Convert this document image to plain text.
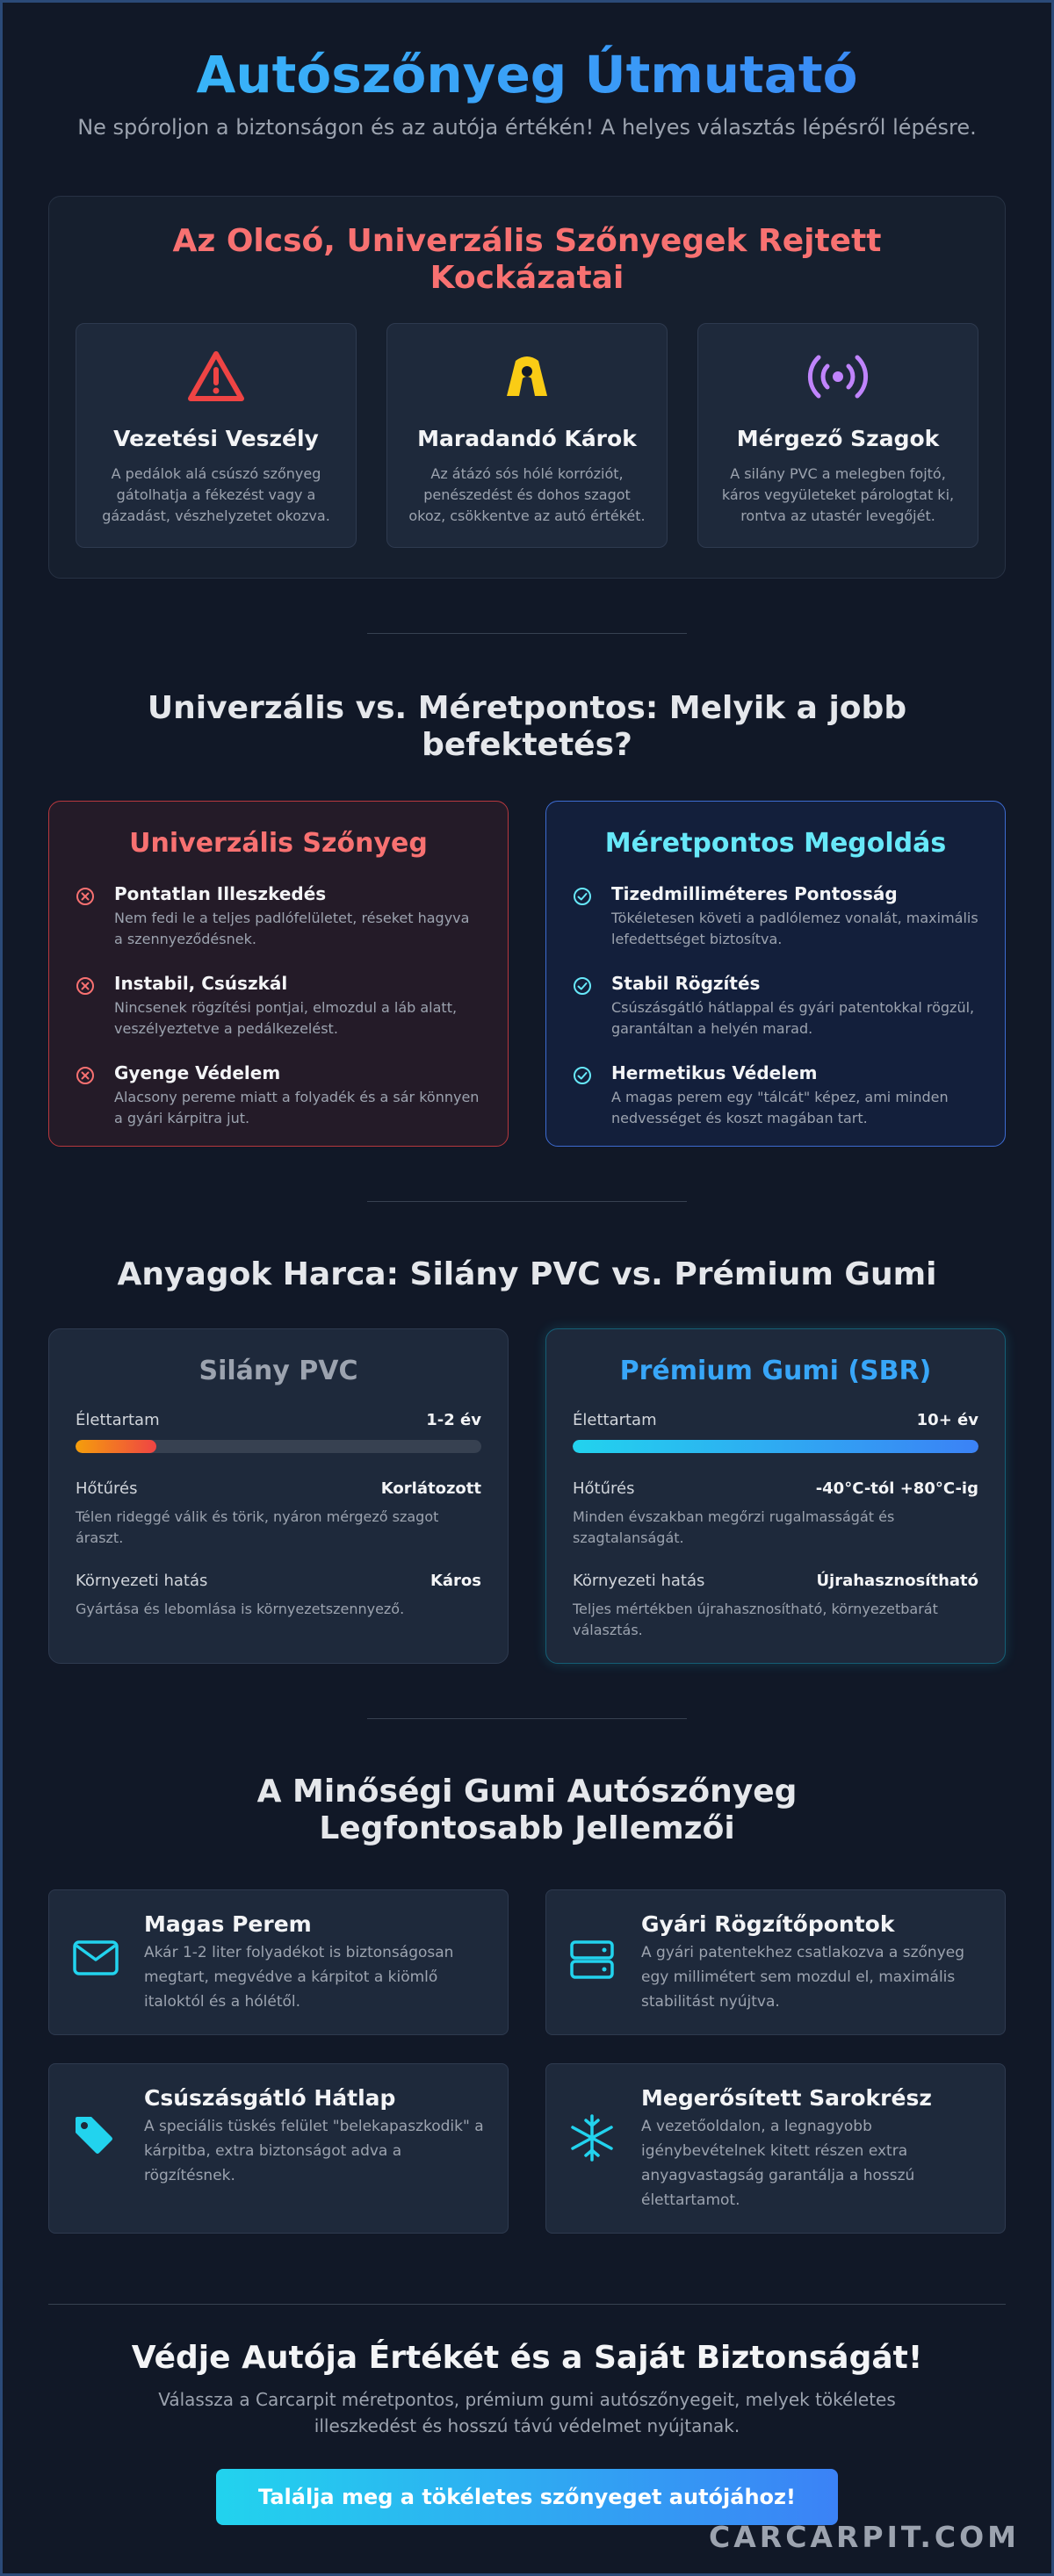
Autószőnyeg Útmutató

Ne spóroljon a biztonságon és az autója értékén! A helyes választás lépésről lépésre.

Az Olcsó, Univerzális Szőnyegek Rejtett Kockázatai
Vezetési Veszély

A pedálok alá csúszó szőnyeg gátolhatja a fékezést vagy a gázadást, vészhelyzetet okozva.

Maradandó Károk

Az átázó sós hólé korróziót, penészedést és dohos szagot okoz, csökkentve az autó értékét.

Mérgező Szagok

A silány PVC a melegben fojtó, káros vegyületeket párologtat ki, rontva az utastér levegőjét.

Univerzális vs. Méretpontos: Melyik a jobb befektetés?
Univerzális Szőnyeg
Pontatlan Illeszkedés

Nem fedi le a teljes padlófelületet, réseket hagyva a szennyeződésnek.

Instabil, Csúszkál

Nincsenek rögzítési pontjai, elmozdul a láb alatt, veszélyeztetve a pedálkezelést.

Gyenge Védelem

Alacsony pereme miatt a folyadék és a sár könnyen a gyári kárpitra jut.

Méretpontos Megoldás
Tizedmilliméteres Pontosság

Tökéletesen követi a padlólemez vonalát, maximális lefedettséget biztosítva.

Stabil Rögzítés

Csúszásgátló hátlappal és gyári patentokkal rögzül, garantáltan a helyén marad.

Hermetikus Védelem

A magas perem egy "tálcát" képez, ami minden nedvességet és koszt magában tart.

Anyagok Harca: Silány PVC vs. Prémium Gumi
Silány PVC
Élettartam	1-2 év
Hőtűrés	Korlátozott

Télen rideggé válik és törik, nyáron mérgező szagot áraszt.

Környezeti hatás	Káros

Gyártása és lebomlása is környezetszennyező.

Prémium Gumi (SBR)
Élettartam	10+ év
Hőtűrés	-40°C-tól +80°C-ig

Minden évszakban megőrzi rugalmasságát és szagtalanságát.

Környezeti hatás	Újrahasznosítható

Teljes mértékben újrahasznosítható, környezetbarát választás.

A Minőségi Gumi Autószőnyeg Legfontosabb Jellemzői
Magas Perem

Akár 1-2 liter folyadékot is biztonságosan megtart, megvédve a kárpitot a kiömlő italoktól és a hólétől.

Gyári Rögzítőpontok

A gyári patentekhez csatlakozva a szőnyeg egy millimétert sem mozdul el, maximális stabilitást nyújtva.

Csúszásgátló Hátlap

A speciális tüskés felület "belekapaszkodik" a kárpitba, extra biztonságot adva a rögzítésnek.

Megerősített Sarokrész

A vezetőoldalon, a legnagyobb igénybevételnek kitett részen extra anyagvastagság garantálja a hosszú élettartamot.

Védje Autója Értékét és a Saját Biztonságát!

Válassza a Carcarpit méretpontos, prémium gumi autószőnyegeit, melyek tökéletes illeszkedést és hosszú távú védelmet nyújtanak.

Találja meg a tökéletes szőnyeget autójához!
CARCARPIT.COM
